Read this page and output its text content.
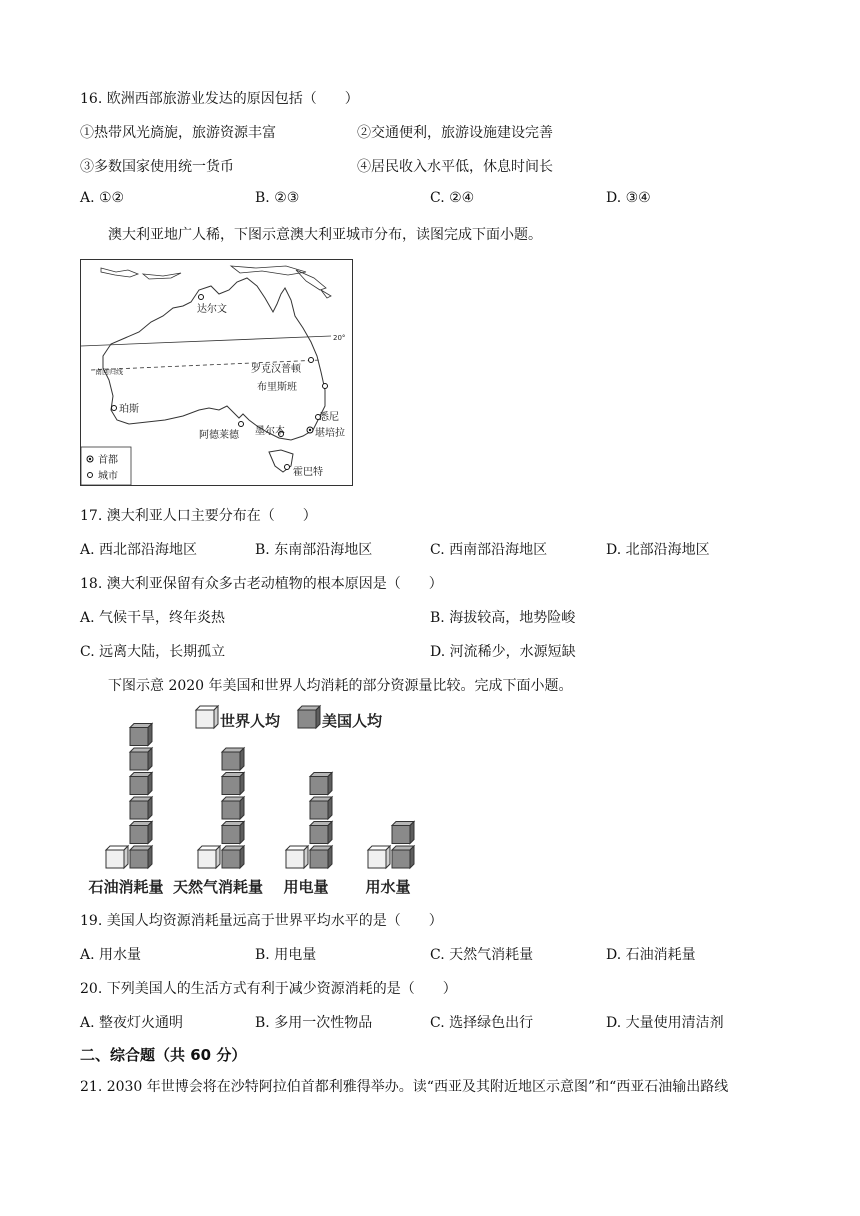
16. 欧洲西部旅游业发达的原因包括（　　）
①热带风光旖旎，旅游资源丰富	②交通便利，旅游设施建设完善
③多数国家使用统一货币	④居民收入水平低，休息时间长
A. ①②	B. ②③	C. ②④	D. ③④
澳大利亚地广人稀，下图示意澳大利亚城市分布，读图完成下面小题。
达尔文
罗克汉普顿
布里斯班
珀斯
悉尼
堪培拉
阿德莱德 墨尔本
霍巴特
20°
南回归线
首都
城市
17. 澳大利亚人口主要分布在（　　）
A. 西北部沿海地区	B. 东南部沿海地区	C. 西南部沿海地区	D. 北部沿海地区
18. 澳大利亚保留有众多古老动植物的根本原因是（　　）
A. 气候干旱，终年炎热	B. 海拔较高，地势险峻
C. 远离大陆，长期孤立	D. 河流稀少，水源短缺
下图示意 2020 年美国和世界人均消耗的部分资源量比较。完成下面小题。
石油消耗量 天然气消耗量 用电量 用水量
世界人均	美国人均
19. 美国人均资源消耗量远高于世界平均水平的是（　　）
A. 用水量	B. 用电量	C. 天然气消耗量	D. 石油消耗量
20. 下列美国人的生活方式有利于减少资源消耗的是（　　）
A. 整夜灯火通明	B. 多用一次性物品	C. 选择绿色出行	D. 大量使用清洁剂
二、综合题（共 60 分）
21. 2030 年世博会将在沙特阿拉伯首都利雅得举办。读“西亚及其附近地区示意图”和“西亚石油输出路线
